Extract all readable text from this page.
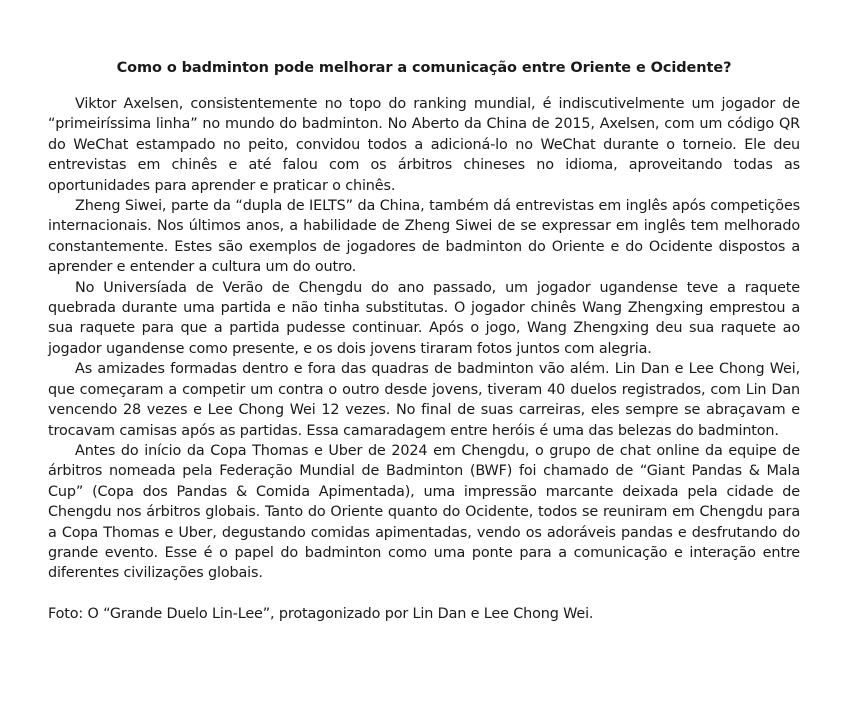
Como o badminton pode melhorar a comunicação entre Oriente e Ocidente?

Viktor Axelsen, consistentemente no topo do ranking mundial, é indiscutivelmente um jogador de “primeiríssima linha” no mundo do badminton. No Aberto da China de 2015, Axelsen, com um código QR do WeChat estampado no peito, convidou todos a adicioná-lo no WeChat durante o torneio. Ele deu entrevistas em chinês e até falou com os árbitros chineses no idioma, aproveitando todas as oportunidades para aprender e praticar o chinês.

Zheng Siwei, parte da “dupla de IELTS” da China, também dá entrevistas em inglês após competições internacionais. Nos últimos anos, a habilidade de Zheng Siwei de se expressar em inglês tem melhorado constantemente. Estes são exemplos de jogadores de badminton do Oriente e do Ocidente dispostos a aprender e entender a cultura um do outro.

No Universíada de Verão de Chengdu do ano passado, um jogador ugandense teve a raquete quebrada durante uma partida e não tinha substitutas. O jogador chinês Wang Zhengxing emprestou a sua raquete para que a partida pudesse continuar. Após o jogo, Wang Zhengxing deu sua raquete ao jogador ugandense como presente, e os dois jovens tiraram fotos juntos com alegria.

As amizades formadas dentro e fora das quadras de badminton vão além. Lin Dan e Lee Chong Wei, que começaram a competir um contra o outro desde jovens, tiveram 40 duelos registrados, com Lin Dan vencendo 28 vezes e Lee Chong Wei 12 vezes. No final de suas carreiras, eles sempre se abraçavam e trocavam camisas após as partidas. Essa camaradagem entre heróis é uma das belezas do badminton.

Antes do início da Copa Thomas e Uber de 2024 em Chengdu, o grupo de chat online da equipe de árbitros nomeada pela Federação Mundial de Badminton (BWF) foi chamado de “Giant Pandas & Mala Cup” (Copa dos Pandas & Comida Apimentada), uma impressão marcante deixada pela cidade de Chengdu nos árbitros globais. Tanto do Oriente quanto do Ocidente, todos se reuniram em Chengdu para a Copa Thomas e Uber, degustando comidas apimentadas, vendo os adoráveis pandas e desfrutando do grande evento. Esse é o papel do badminton como uma ponte para a comunicação e interação entre diferentes civilizações globais.

Foto: O “Grande Duelo Lin-Lee”, protagonizado por Lin Dan e Lee Chong Wei.
